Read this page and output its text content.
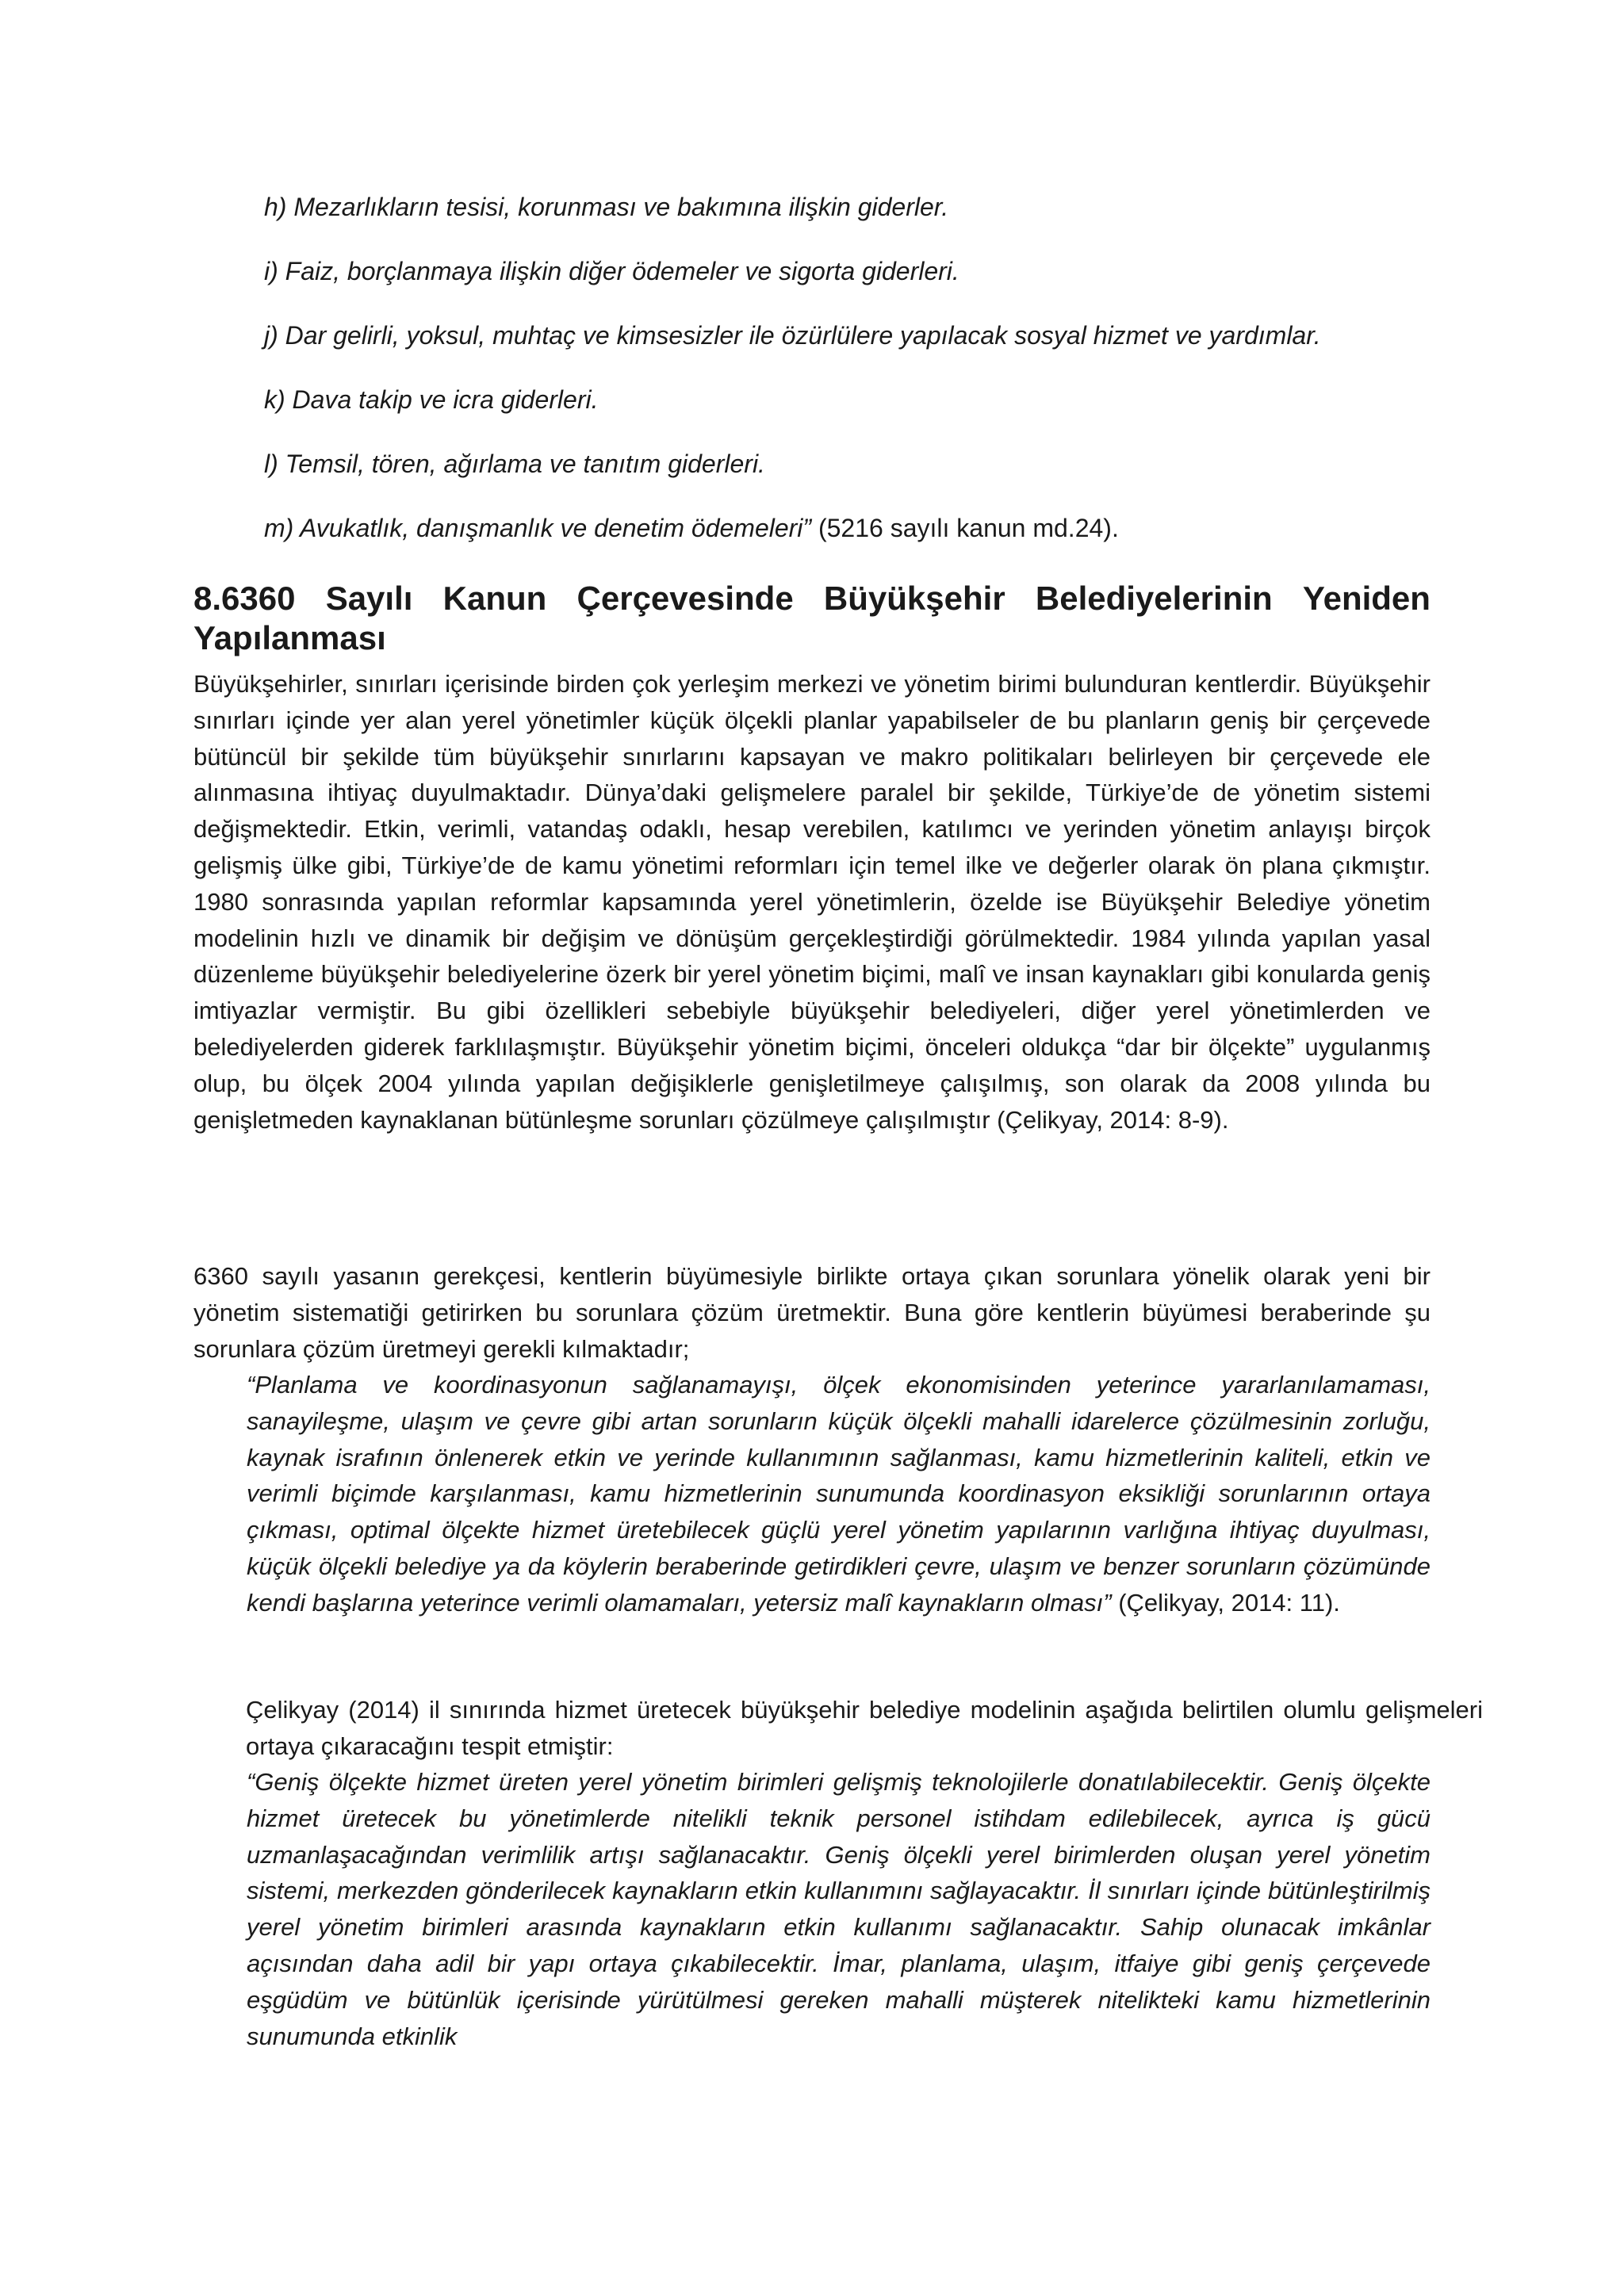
h) Mezarlıkların tesisi, korunması ve bakımına ilişkin giderler.
i) Faiz, borçlanmaya ilişkin diğer ödemeler ve sigorta giderleri.
j) Dar gelirli, yoksul, muhtaç ve kimsesizler ile özürlülere yapılacak sosyal hizmet ve yardımlar.
k) Dava takip ve icra giderleri.
l) Temsil, tören, ağırlama ve tanıtım giderleri.
m) Avukatlık, danışmanlık ve denetim ödemeleri” (5216 sayılı kanun md.24).
8.6360 Sayılı Kanun Çerçevesinde Büyükşehir Belediyelerinin Yeniden
Yapılanması

Büyükşehirler, sınırları içerisinde birden çok yerleşim merkezi ve yönetim birimi bulunduran kentlerdir. Büyükşehir sınırları içinde yer alan yerel yönetimler küçük ölçekli planlar yapabilseler de bu planların geniş bir çerçevede bütüncül bir şekilde tüm büyükşehir sınırlarını kapsayan ve makro politikaları belirleyen bir çerçevede ele alınmasına ihtiyaç duyulmaktadır. Dünya’daki gelişmelere paralel bir şekilde, Türkiye’de de yönetim sistemi değişmektedir. Etkin, verimli, vatandaş odaklı, hesap verebilen, katılımcı ve yerinden yönetim anlayışı birçok gelişmiş ülke gibi, Türkiye’de de kamu yönetimi reformları için temel ilke ve değerler olarak ön plana çıkmıştır. 1980 sonrasında yapılan reformlar kapsamında yerel yönetimlerin, özelde ise Büyükşehir Belediye yönetim modelinin hızlı ve dinamik bir değişim ve dönüşüm gerçekleştirdiği görülmektedir. 1984 yılında yapılan yasal düzenleme büyükşehir belediyelerine özerk bir yerel yönetim biçimi, malî ve insan kaynakları gibi konularda geniş imtiyazlar vermiştir. Bu gibi özellikleri sebebiyle büyükşehir belediyeleri, diğer yerel yönetimlerden ve belediyelerden giderek farklılaşmıştır. Büyükşehir yönetim biçimi, önceleri oldukça “dar bir ölçekte” uygulanmış olup, bu ölçek 2004 yılında yapılan değişiklerle genişletilmeye çalışılmış, son olarak da 2008 yılında bu genişletmeden kaynaklanan bütünleşme sorunları çözülmeye çalışılmıştır (Çelikyay, 2014: 8-9).

6360 sayılı yasanın gerekçesi, kentlerin büyümesiyle birlikte ortaya çıkan sorunlara yönelik olarak yeni bir yönetim sistematiği getirirken bu sorunlara çözüm üretmektir. Buna göre kentlerin büyümesi beraberinde şu sorunlara çözüm üretmeyi gerekli kılmaktadır;

“Planlama ve koordinasyonun sağlanamayışı, ölçek ekonomisinden yeterince yararlanılamaması, sanayileşme, ulaşım ve çevre gibi artan sorunların küçük ölçekli mahalli idarelerce çözülmesinin zorluğu, kaynak israfının önlenerek etkin ve yerinde kullanımının sağlanması, kamu hizmetlerinin kaliteli, etkin ve verimli biçimde karşılanması, kamu hizmetlerinin sunumunda koordinasyon eksikliği sorunlarının ortaya çıkması, optimal ölçekte hizmet üretebilecek güçlü yerel yönetim yapılarının varlığına ihtiyaç duyulması, küçük ölçekli belediye ya da köylerin beraberinde getirdikleri çevre, ulaşım ve benzer sorunların çözümünde kendi başlarına yeterince verimli olamamaları, yetersiz malî kaynakların olması” (Çelikyay, 2014: 11).

Çelikyay (2014) il sınırında hizmet üretecek büyükşehir belediye modelinin aşağıda belirtilen olumlu gelişmeleri ortaya çıkaracağını tespit etmiştir:

“Geniş ölçekte hizmet üreten yerel yönetim birimleri gelişmiş teknolojilerle donatılabilecektir. Geniş ölçekte hizmet üretecek bu yönetimlerde nitelikli teknik personel istihdam edilebilecek, ayrıca iş gücü uzmanlaşacağından verimlilik artışı sağlanacaktır. Geniş ölçekli yerel birimlerden oluşan yerel yönetim sistemi, merkezden gönderilecek kaynakların etkin kullanımını sağlayacaktır. İl sınırları içinde bütünleştirilmiş yerel yönetim birimleri arasında kaynakların etkin kullanımı sağlanacaktır. Sahip olunacak imkânlar açısından daha adil bir yapı ortaya çıkabilecektir. İmar, planlama, ulaşım, itfaiye gibi geniş çerçevede eşgüdüm ve bütünlük içerisinde yürütülmesi gereken mahalli müşterek nitelikteki kamu hizmetlerinin sunumunda etkinlik
